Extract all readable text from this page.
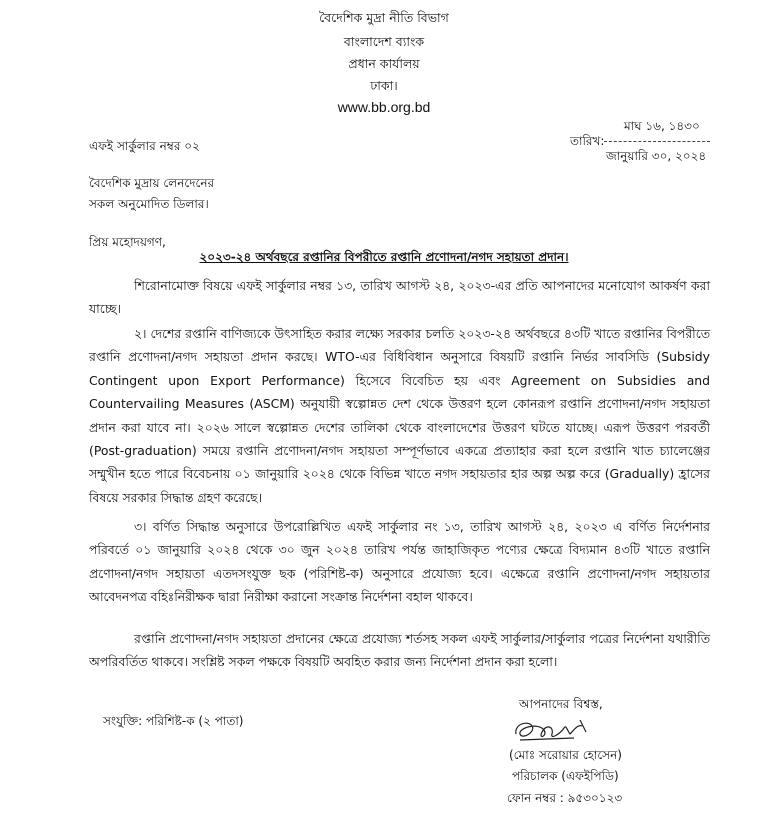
বৈদেশিক মুদ্রা নীতি বিভাগ
বাংলাদেশ ব্যাংক
প্রধান কার্যালয়
ঢাকা।
www.bb.org.bd
এফই সার্কুলার নম্বর ০২
মাঘ ১৬, ১৪৩০
তারিখ:
জানুয়ারি ৩০, ২০২৪
বৈদেশিক মুদ্রায় লেনদেনের
সকল অনুমোদিত ডিলার।
প্রিয় মহোদয়গণ,
২০২৩-২৪ অর্থবছরে রপ্তানির বিপরীতে রপ্তানি প্রণোদনা/নগদ সহায়তা প্রদান।
শিরোনামোক্ত বিষয়ে এফই সার্কুলার নম্বর ১৩, তারিখ আগস্ট ২৪, ২০২৩-এর প্রতি আপনাদের মনোযোগ আকর্ষণ করা যাচ্ছে।
২। দেশের রপ্তানি বাণিজ্যকে উৎসাহিত করার লক্ষ্যে সরকার চলতি ২০২৩-২৪ অর্থবছরে ৪৩টি খাতে রপ্তানির বিপরীতে রপ্তানি প্রণোদনা/নগদ সহায়তা প্রদান করছে। WTO-এর বিধিবিধান অনুসারে বিষয়টি রপ্তানি নির্ভর সাবসিডি (Subsidy Contingent upon Export Performance) হিসেবে বিবেচিত হয় এবং Agreement on Subsidies and Countervailing Measures (ASCM) অনুযায়ী স্বল্পোন্নত দেশ থেকে উত্তরণ হলে কোনরূপ রপ্তানি প্রণোদনা/নগদ সহায়তা প্রদান করা যাবে না। ২০২৬ সালে স্বল্পোন্নত দেশের তালিকা থেকে বাংলাদেশের উত্তরণ ঘটতে যাচ্ছে। এরূপ উত্তরণ পরবর্তী (Post-graduation) সময়ে রপ্তানি প্রণোদনা/নগদ সহায়তা সম্পূর্ণভাবে একত্রে প্রত্যাহার করা হলে রপ্তানি খাত চ্যালেঞ্জের সম্মুখীন হতে পারে বিবেচনায় ০১ জানুয়ারি ২০২৪ থেকে বিভিন্ন খাতে নগদ সহায়তার হার অল্প অল্প করে (Gradually) হ্রাসের বিষয়ে সরকার সিদ্ধান্ত গ্রহণ করেছে।
৩। বর্ণিত সিদ্ধান্ত অনুসারে উপরোল্লিখিত এফই সার্কুলার নং ১৩, তারিখ আগস্ট ২৪, ২০২৩ এ বর্ণিত নির্দেশনার পরিবর্তে ০১ জানুয়ারি ২০২৪ থেকে ৩০ জুন ২০২৪ তারিখ পর্যন্ত জাহাজিকৃত পণ্যের ক্ষেত্রে বিদ্যমান ৪৩টি খাতে রপ্তানি প্রণোদনা/নগদ সহায়তা এতদসংযুক্ত ছক (পরিশিষ্ট-ক) অনুসারে প্রযোজ্য হবে। এক্ষেত্রে রপ্তানি প্রণোদনা/নগদ সহায়তার আবেদনপত্র বহিঃনিরীক্ষক দ্বারা নিরীক্ষা করানো সংক্রান্ত নির্দেশনা বহাল থাকবে।
রপ্তানি প্রণোদনা/নগদ সহায়তা প্রদানের ক্ষেত্রে প্রযোজ্য শর্তসহ সকল এফই সার্কুলার/সার্কুলার পত্রের নির্দেশনা যথারীতি অপরিবর্তিত থাকবে। সংশ্লিষ্ট সকল পক্ষকে বিষয়টি অবহিত করার জন্য নির্দেশনা প্রদান করা হলো।
আপনাদের বিশ্বস্ত,
(মোঃ সরোয়ার হোসেন)
পরিচালক (এফইপিডি)
ফোন নম্বর : ৯৫৩০১২৩
সংযুক্তি: পরিশিষ্ট-ক (২ পাতা)
